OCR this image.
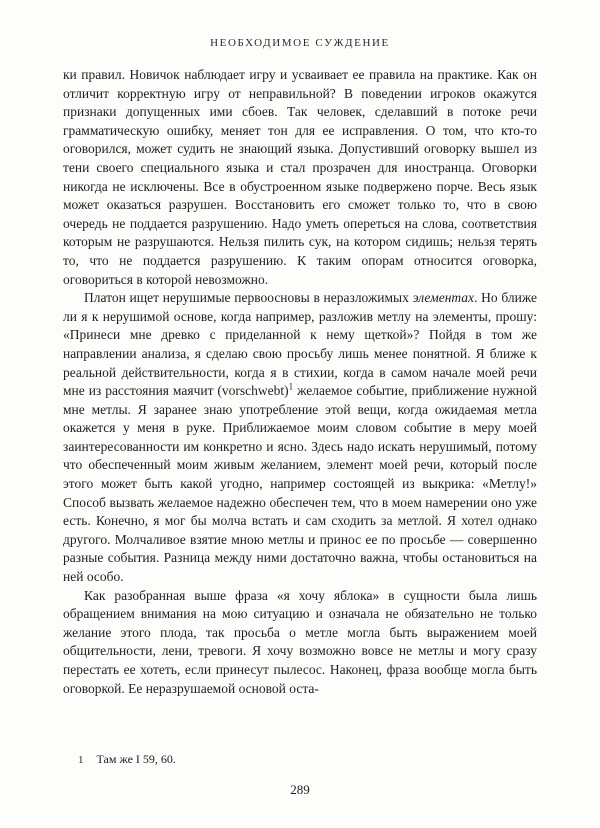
НЕОБХОДИМОЕ СУЖДЕНИЕ

ки правил. Новичок наблюдает игру и усваивает ее правила на практике. Как он отличит корректную игру от неправильной? В поведении игроков окажутся признаки допущенных ими сбоев. Так человек, сделавший в потоке речи грамматическую ошибку, меняет тон для ее исправления. О том, что кто-то оговорился, может судить не знающий языка. Допустивший оговорку вышел из тени своего специального языка и стал прозрачен для иностранца. Оговорки никогда не исключены. Все в обустроенном языке подвержено порче. Весь язык может оказаться разрушен. Восстановить его сможет только то, что в свою очередь не поддается разрушению. Надо уметь опереться на слова, соответствия которым не разрушаются. Нельзя пилить сук, на котором сидишь; нельзя терять то, что не поддается разрушению. К таким опорам относится оговорка, оговориться в которой невозможно.

Платон ищет нерушимые первоосновы в неразложимых элементах. Но ближе ли я к нерушимой основе, когда например, разложив метлу на элементы, прошу: «Принеси мне древко с приделанной к нему щеткой»? Пойдя в том же направлении анализа, я сделаю свою просьбу лишь менее понятной. Я ближе к реальной действительности, когда я в стихии, когда в самом начале моей речи мне из расстояния маячит (vorschwebt)$^1$ желаемое событие, приближение нужной мне метлы. Я заранее знаю употребление этой вещи, когда ожидаемая метла окажется у меня в руке. Приближаемое моим словом событие в меру моей заинтересованности им конкретно и ясно. Здесь надо искать нерушимый, потому что обеспеченный моим живым желанием, элемент моей речи, который после этого может быть какой угодно, например состоящей из выкрика: «Метлу!» Способ вызвать желаемое надежно обеспечен тем, что в моем намерении оно уже есть. Конечно, я мог бы молча встать и сам сходить за метлой. Я хотел однако другого. Молчаливое взятие мною метлы и принос ее по просьбе — совершенно разные события. Разница между ними достаточно важна, чтобы остановиться на ней особо.

Как разобранная выше фраза «я хочу яблока» в сущности была лишь обращением внимания на мою ситуацию и означала не обязательно не только желание этого плода, так просьба о метле могла быть выражением моей общительности, лени, тревоги. Я хочу возможно вовсе не метлы и могу сразу перестать ее хотеть, если принесут пылесос. Наконец, фраза вообще могла быть оговоркой. Ее неразрушаемой основой оста-

1 Там же I 59, 60.
289
